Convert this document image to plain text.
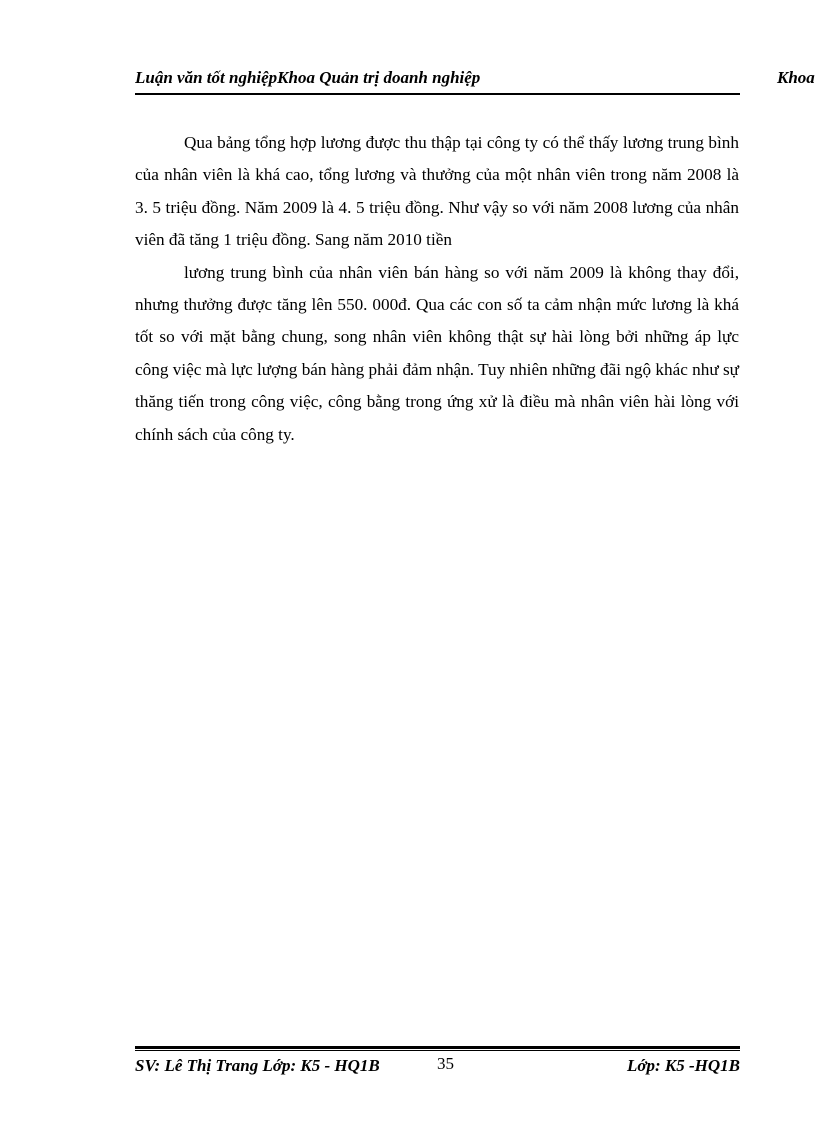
Luận văn tốt nghiệpKhoa Quản trị doanh nghiệp	Khoa

Qua bảng tổng hợp lương được thu thập tại công ty có thể thấy lương trung bình của nhân viên là khá cao, tổng lương và thưởng của một nhân viên trong năm 2008 là 3. 5 triệu đồng. Năm 2009 là 4. 5 triệu đồng. Như vậy so với năm 2008 lương của nhân viên đã tăng 1 triệu đồng. Sang năm 2010 tiền

lương trung bình của nhân viên bán hàng so với năm 2009 là không thay đổi, nhưng thưởng được tăng lên 550. 000đ. Qua các con số ta cảm nhận mức lương là khá tốt so với mặt bằng chung, song nhân viên không thật sự hài lòng bởi những áp lực công việc mà lực lượng bán hàng phải đảm nhận. Tuy nhiên những đãi ngộ khác như sự thăng tiến trong công việc, công bằng trong ứng xử là điều mà nhân viên hài lòng với chính sách của công ty.

SV: Lê Thị Trang Lớp: K5 - HQ1B	35	Lớp: K5 -HQ1B
